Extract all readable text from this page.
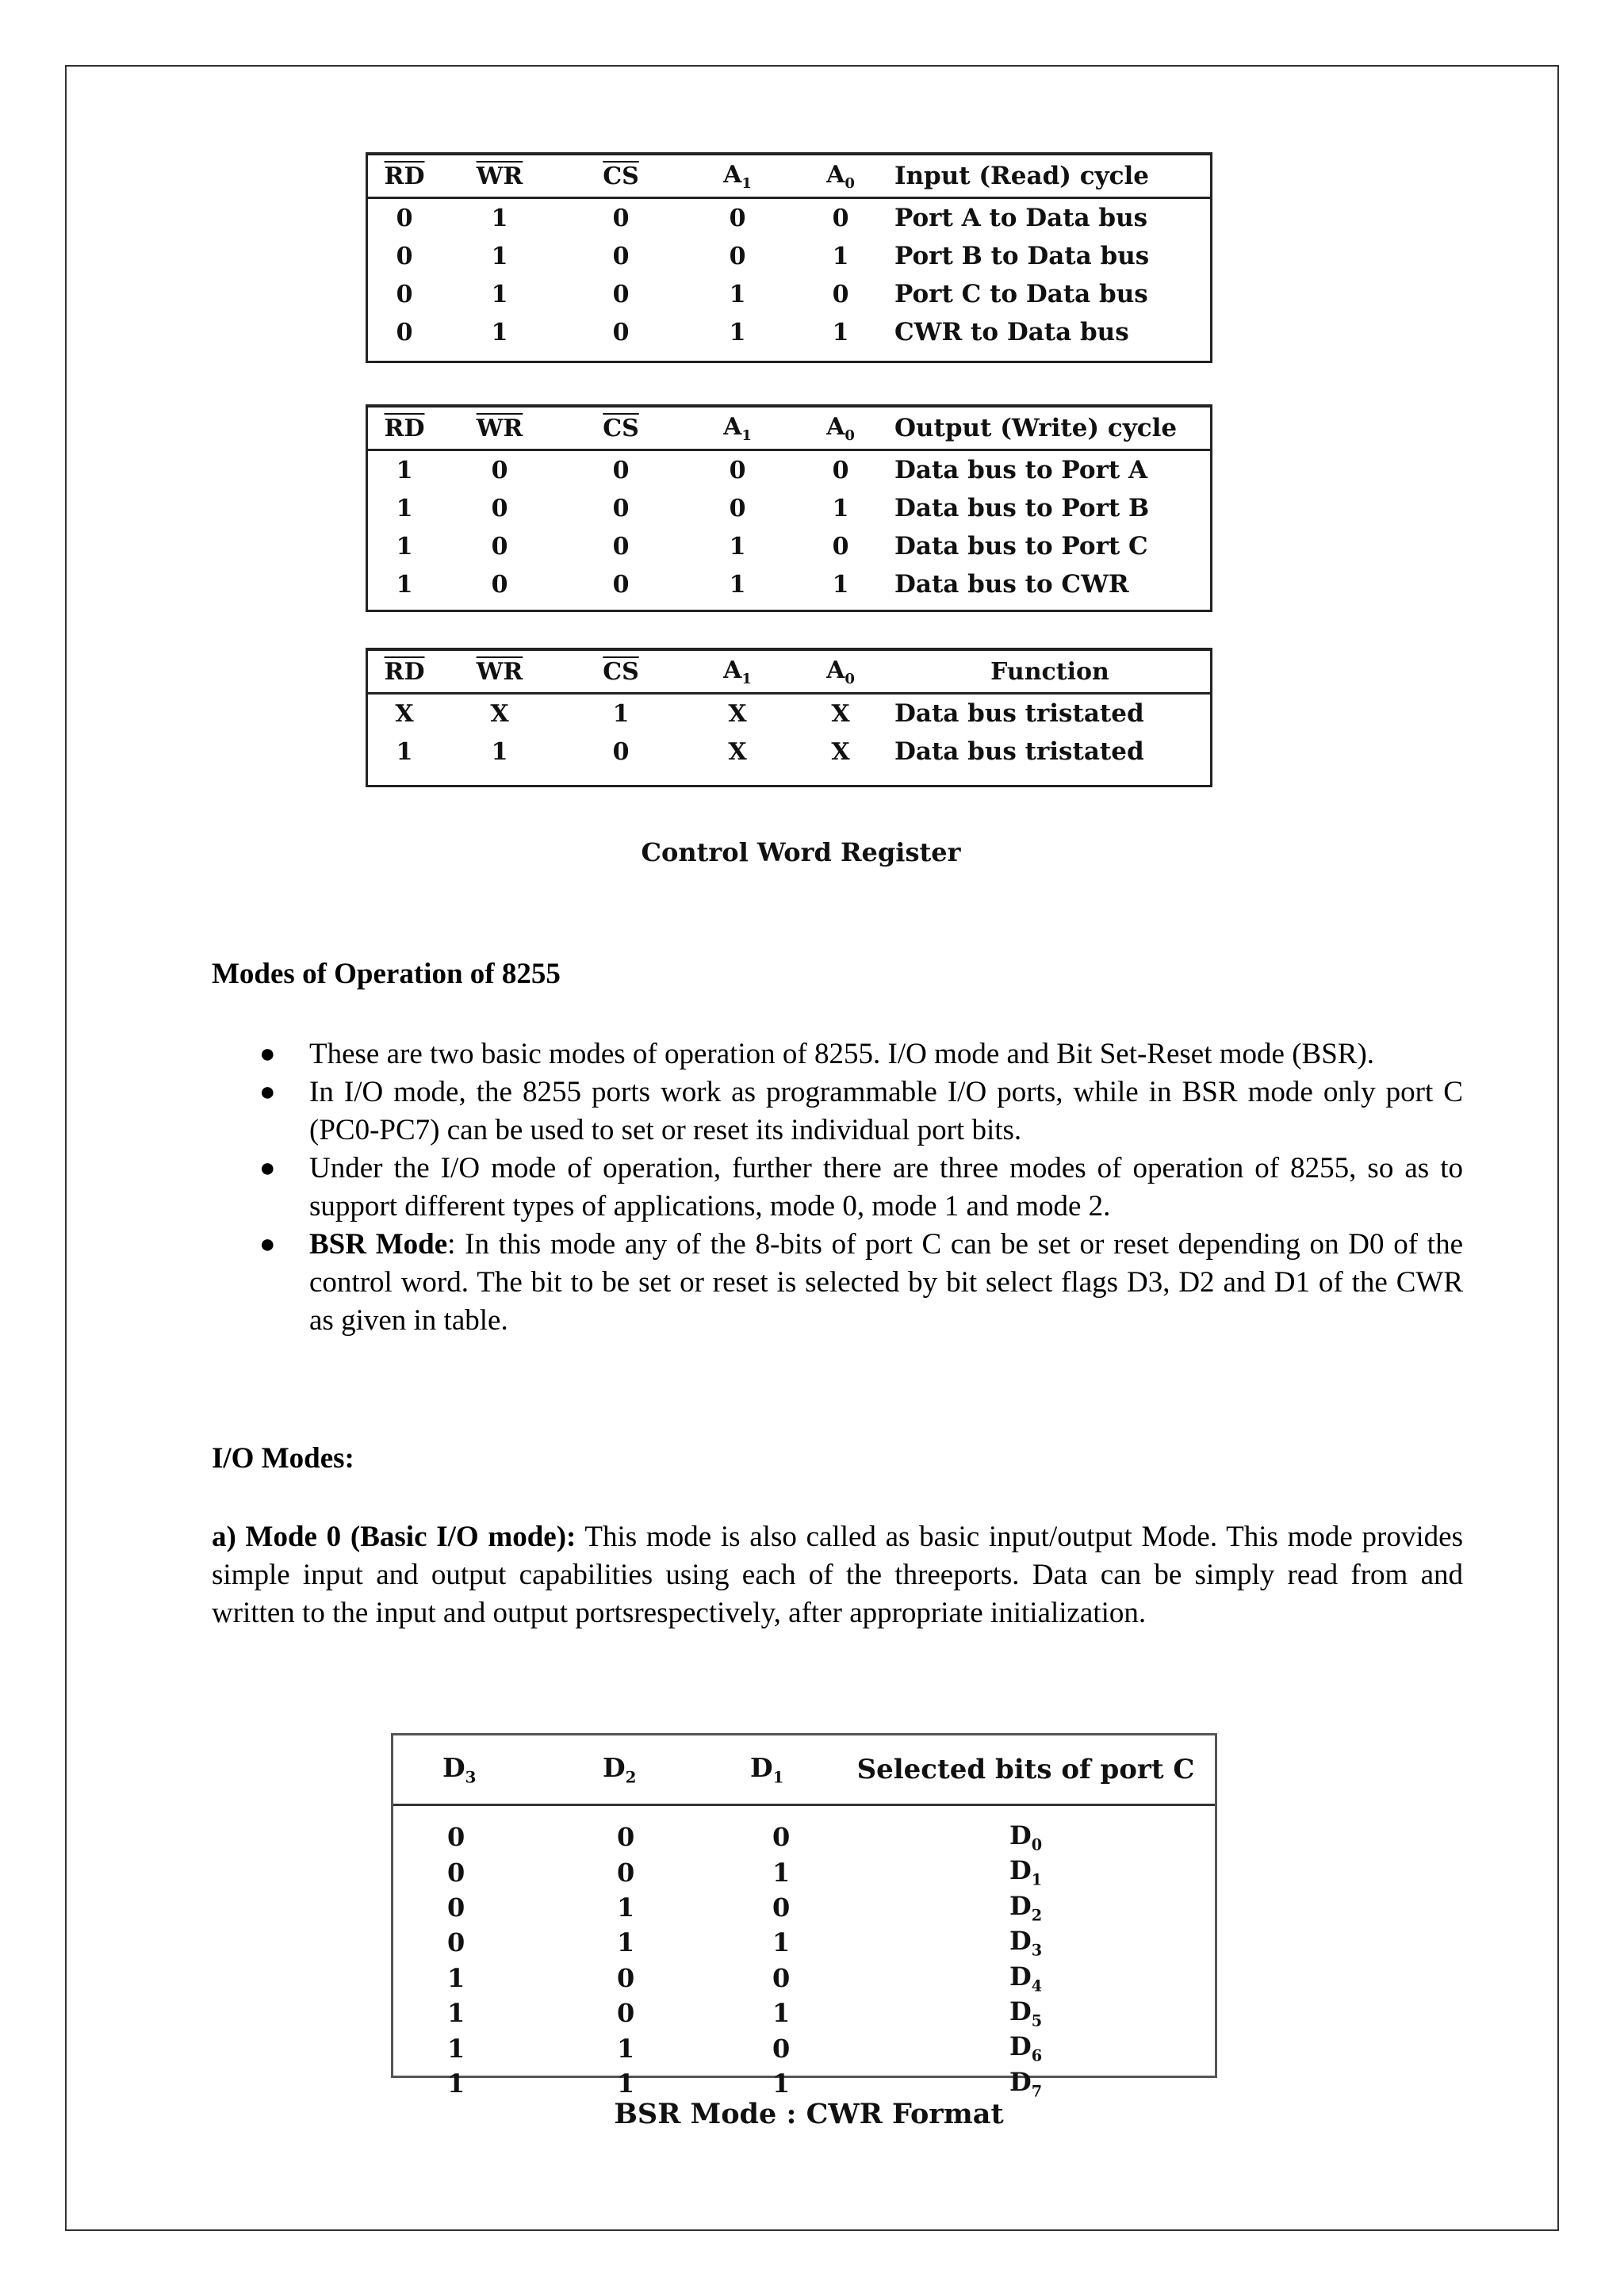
$\overline{RD}$	$\overline{WR}$	$\overline{CS}$	$A_1$	$A_0$	Input (Read) cycle
0	1	0	0	0	Port A to Data bus
0	1	0	0	1	Port B to Data bus
0	1	0	1	0	Port C to Data bus
0	1	0	1	1	CWR to Data bus
$\overline{RD}$	$\overline{WR}$	$\overline{CS}$	$A_1$	$A_0$	Output (Write) cycle
1	0	0	0	0	Data bus to Port A
1	0	0	0	1	Data bus to Port B
1	0	0	1	0	Data bus to Port C
1	0	0	1	1	Data bus to CWR
$\overline{RD}$	$\overline{WR}$	$\overline{CS}$	$A_1$	$A_0$	Function
X	X	1	X	X	Data bus tristated
1	1	0	X	X	Data bus tristated
Control Word Register
Modes of Operation of 8255
● These are two basic modes of operation of 8255. I/O mode and Bit Set-Reset mode (BSR).
● In I/O mode, the 8255 ports work as programmable I/O ports, while in BSR mode only port C (PC0-PC7) can be used to set or reset its individual port bits.
● Under the I/O mode of operation, further there are three modes of operation of 8255, so as to support different types of applications, mode 0, mode 1 and mode 2.
● BSR Mode: In this mode any of the 8-bits of port C can be set or reset depending on D0 of the control word. The bit to be set or reset is selected by bit select flags D3, D2 and D1 of the CWR as given in table.
I/O Modes:

a) Mode 0 (Basic I/O mode): This mode is also called as basic input/output Mode. This mode provides simple input and output capabilities using each of the threeports. Data can be simply read from and written to the input and output portsrespectively, after appropriate initialization.

$D_3$	$D_2$	$D_1$	Selected bits of port C
0	0	0	$D_0$
0	0	1	$D_1$
0	1	0	$D_2$
0	1	1	$D_3$
1	0	0	$D_4$
1	0	1	$D_5$
1	1	0	$D_6$
1	1	1	$D_7$
BSR Mode : CWR Format
